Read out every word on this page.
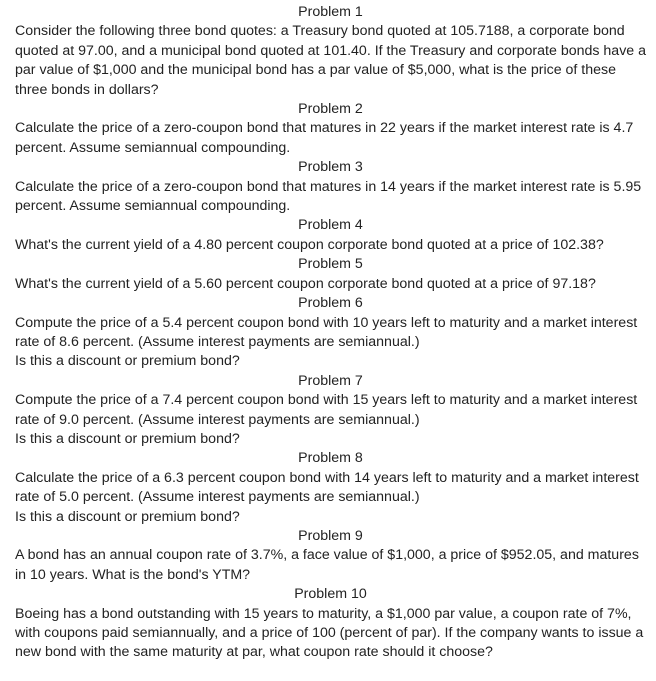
Problem 1

Consider the following three bond quotes: a Treasury bond quoted at 105.7188, a corporate bond quoted at 97.00, and a municipal bond quoted at 101.40. If the Treasury and corporate bonds have a par value of $1,000 and the municipal bond has a par value of $5,000, what is the price of these three bonds in dollars?

Problem 2

Calculate the price of a zero-coupon bond that matures in 22 years if the market interest rate is 4.7 percent. Assume semiannual compounding.

Problem 3

Calculate the price of a zero-coupon bond that matures in 14 years if the market interest rate is 5.95 percent. Assume semiannual compounding.

Problem 4

What's the current yield of a 4.80 percent coupon corporate bond quoted at a price of 102.38?

Problem 5

What's the current yield of a 5.60 percent coupon corporate bond quoted at a price of 97.18?

Problem 6

Compute the price of a 5.4 percent coupon bond with 10 years left to maturity and a market interest rate of 8.6 percent. (Assume interest payments are semiannual.)

Is this a discount or premium bond?

Problem 7

Compute the price of a 7.4 percent coupon bond with 15 years left to maturity and a market interest rate of 9.0 percent. (Assume interest payments are semiannual.)

Is this a discount or premium bond?

Problem 8

Calculate the price of a 6.3 percent coupon bond with 14 years left to maturity and a market interest rate of 5.0 percent. (Assume interest payments are semiannual.)

Is this a discount or premium bond?

Problem 9

A bond has an annual coupon rate of 3.7%, a face value of $1,000, a price of $952.05, and matures in 10 years. What is the bond's YTM?

Problem 10

Boeing has a bond outstanding with 15 years to maturity, a $1,000 par value, a coupon rate of 7%, with coupons paid semiannually, and a price of 100 (percent of par). If the company wants to issue a new bond with the same maturity at par, what coupon rate should it choose?
